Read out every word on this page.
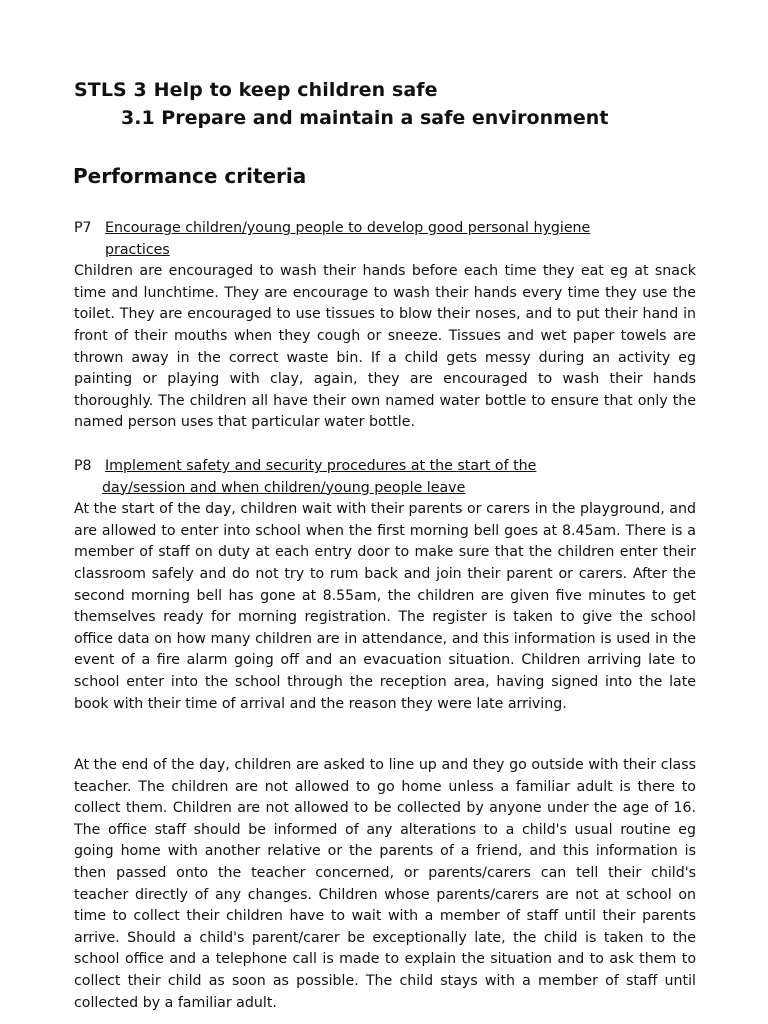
STLS 3 Help to keep children safe
3.1 Prepare and maintain a safe environment
Performance criteria
P7 Encourage children/young people to develop good personal hygiene
practices

Children are encouraged to wash their hands before each time they eat eg at snack time and lunchtime. They are encourage to wash their hands every time they use the toilet. They are encouraged to use tissues to blow their noses, and to put their hand in front of their mouths when they cough or sneeze. Tissues and wet paper towels are thrown away in the correct waste bin. If a child gets messy during an activity eg painting or playing with clay, again, they are encouraged to wash their hands thoroughly. The children all have their own named water bottle to ensure that only the named person uses that particular water bottle.

P8 Implement safety and security procedures at the start of the
day/session and when children/young people leave

At the start of the day, children wait with their parents or carers in the playground, and are allowed to enter into school when the first morning bell goes at 8.45am. There is a member of staff on duty at each entry door to make sure that the children enter their classroom safely and do not try to rum back and join their parent or carers. After the second morning bell has gone at 8.55am, the children are given five minutes to get themselves ready for morning registration. The register is taken to give the school office data on how many children are in attendance, and this information is used in the event of a fire alarm going off and an evacuation situation. Children arriving late to school enter into the school through the reception area, having signed into the late book with their time of arrival and the reason they were late arriving.

At the end of the day, children are asked to line up and they go outside with their class teacher. The children are not allowed to go home unless a familiar adult is there to collect them. Children are not allowed to be collected by anyone under the age of 16. The office staff should be informed of any alterations to a child's usual routine eg going home with another relative or the parents of a friend, and this information is then passed onto the teacher concerned, or parents/carers can tell their child's teacher directly of any changes. Children whose parents/carers are not at school on time to collect their children have to wait with a member of staff until their parents arrive. Should a child's parent/carer be exceptionally late, the child is taken to the school office and a telephone call is made to explain the situation and to ask them to collect their child as soon as possible. The child stays with a member of staff until collected by a familiar adult.
